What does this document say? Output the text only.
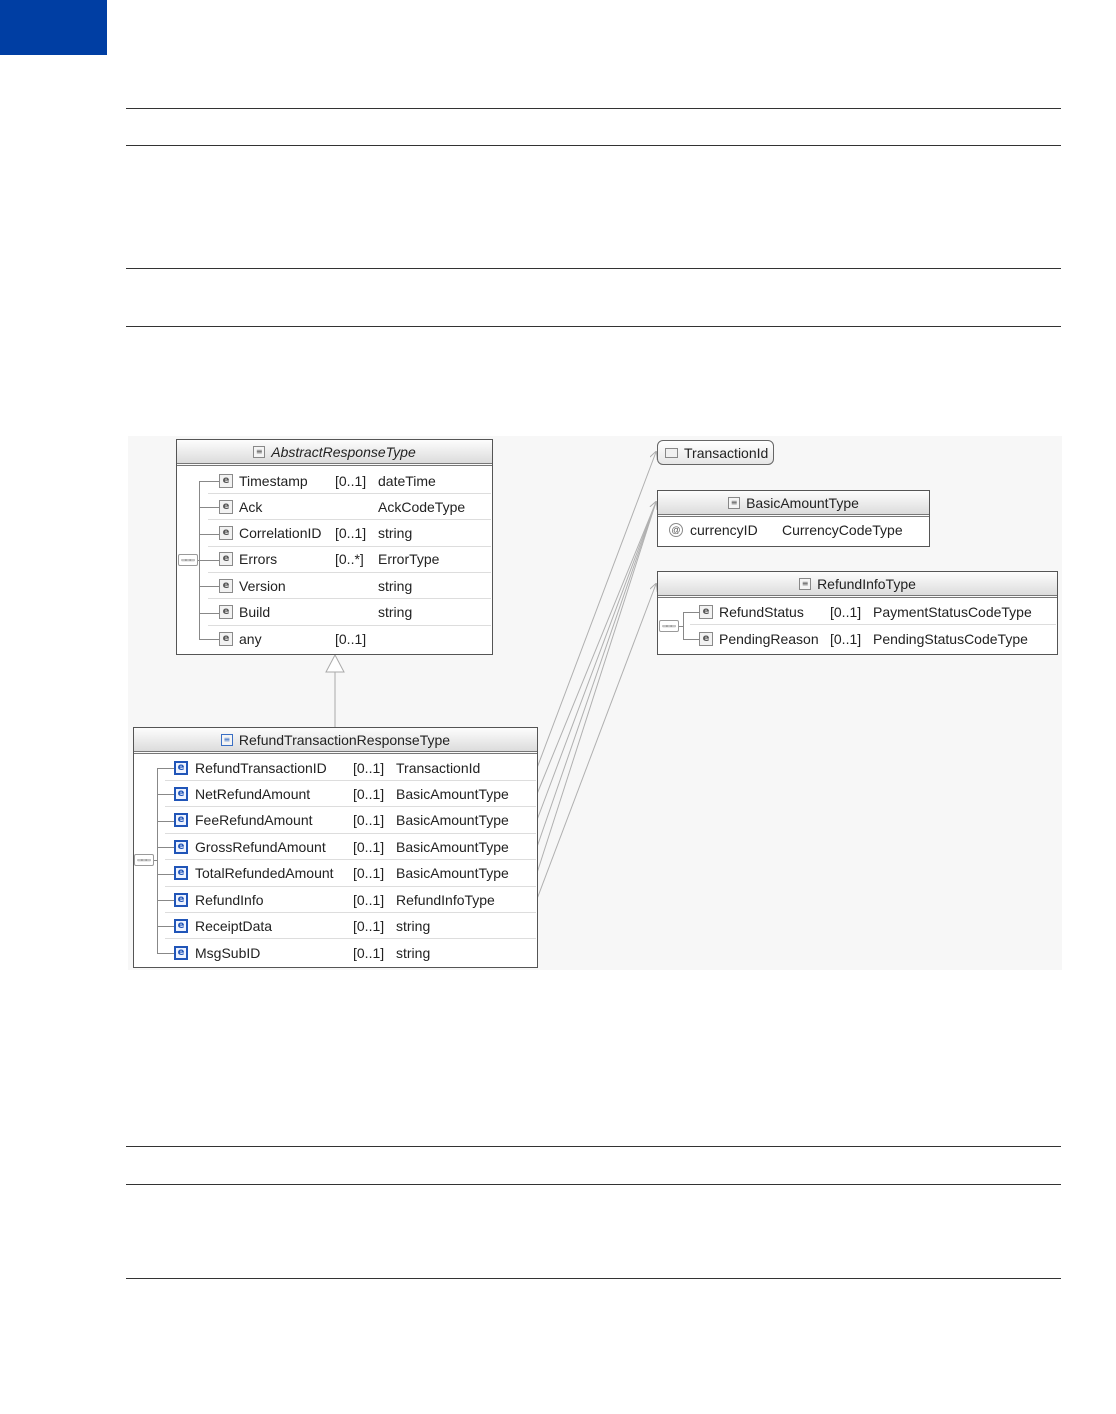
≡ AbstractResponseType
▭▭▭
e Timestamp [0..1] dateTime
e Ack	AckCodeType
e CorrelationID [0..1] string
e Errors	[0..*] ErrorType
e Version	string
e Build	string
e any	[0..1]
≡ RefundTransactionResponseType
▭▭▭
e RefundTransactionID [0..1] TransactionId
e NetRefundAmount	[0..1] BasicAmountType
e FeeRefundAmount	[0..1] BasicAmountType
e GrossRefundAmount [0..1] BasicAmountType
e TotalRefundedAmount [0..1] BasicAmountType
e RefundInfo	[0..1] RefundInfoType
e ReceiptData	[0..1] string
e MsgSubID	[0..1] string
TransactionId
≡ BasicAmountType
@ currencyID CurrencyCodeType
≡ RefundInfoType
▭▭▭
e RefundStatus [0..1] PaymentStatusCodeType
e PendingReason [0..1] PendingStatusCodeType
